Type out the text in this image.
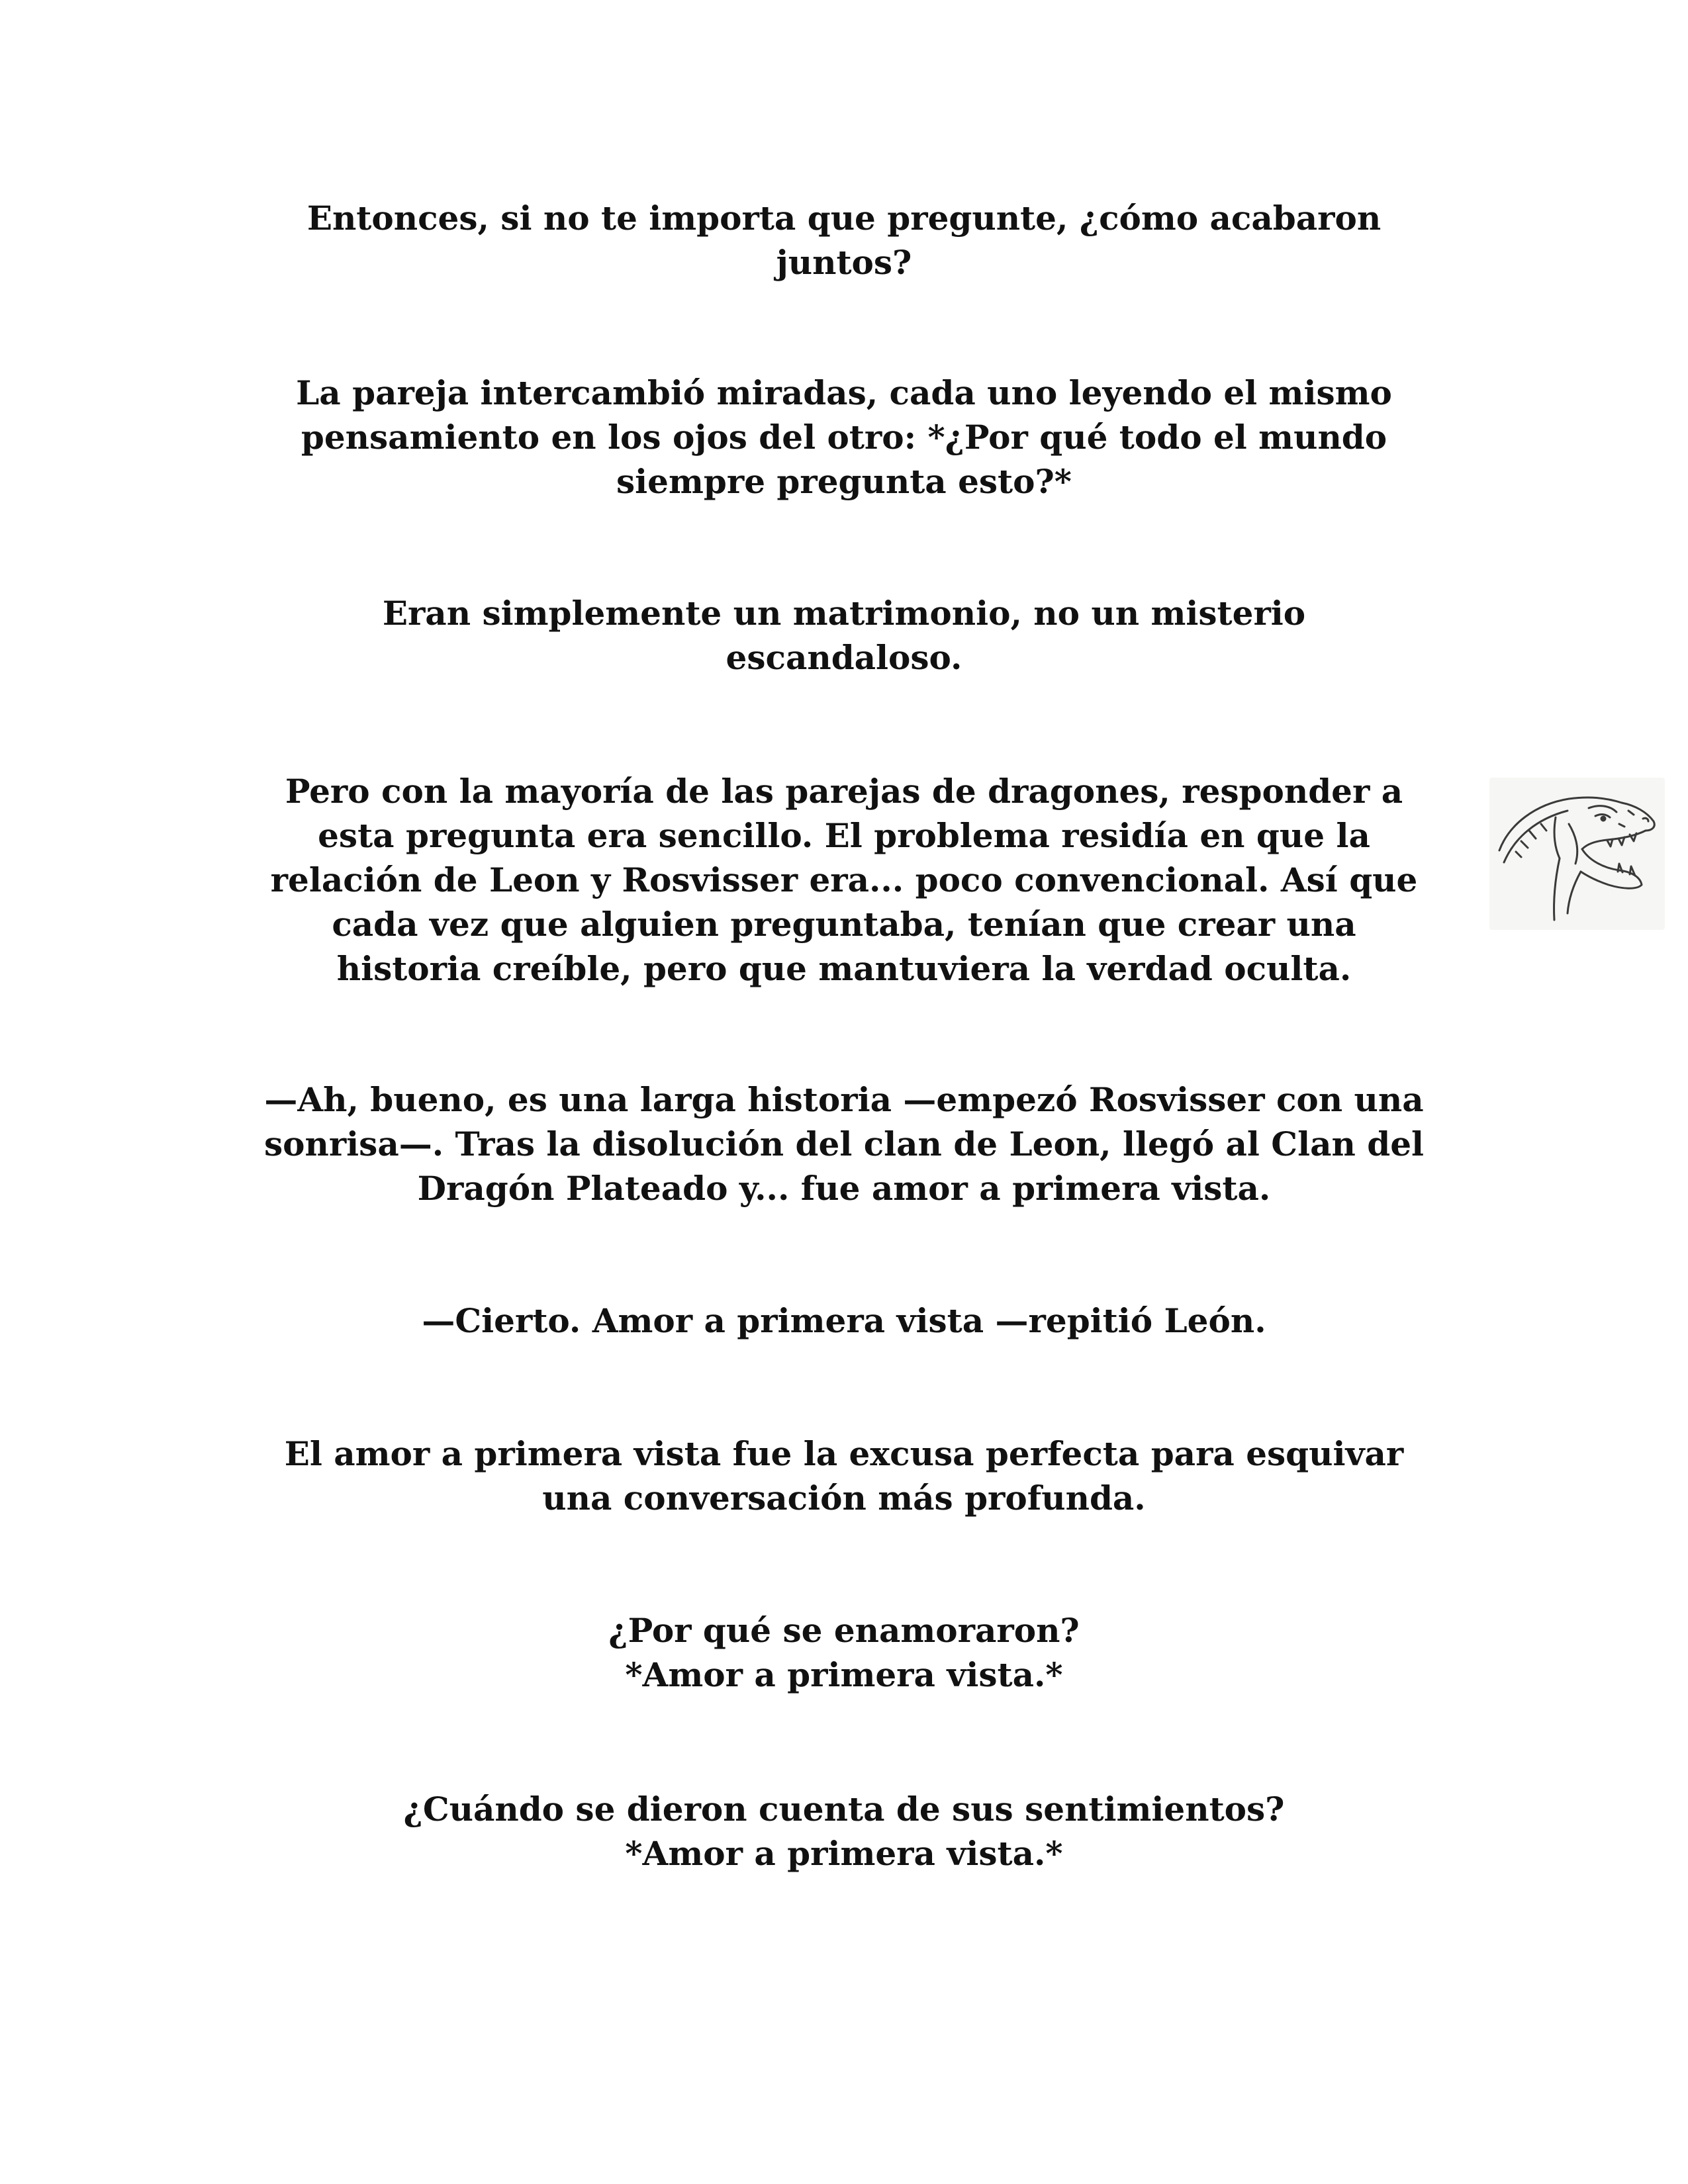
Entonces, si no te importa que pregunte, ¿cómo acabaron
juntos?
La pareja intercambió miradas, cada uno leyendo el mismo
pensamiento en los ojos del otro: *¿Por qué todo el mundo
siempre pregunta esto?*
Eran simplemente un matrimonio, no un misterio
escandaloso.
Pero con la mayoría de las parejas de dragones, responder a
esta pregunta era sencillo. El problema residía en que la
relación de Leon y Rosvisser era... poco convencional. Así que
cada vez que alguien preguntaba, tenían que crear una
historia creíble, pero que mantuviera la verdad oculta.
—Ah, bueno, es una larga historia —empezó Rosvisser con una
sonrisa—. Tras la disolución del clan de Leon, llegó al Clan del
Dragón Plateado y... fue amor a primera vista.
—Cierto. Amor a primera vista —repitió León.
El amor a primera vista fue la excusa perfecta para esquivar
una conversación más profunda.
¿Por qué se enamoraron?
*Amor a primera vista.*
¿Cuándo se dieron cuenta de sus sentimientos?
*Amor a primera vista.*
